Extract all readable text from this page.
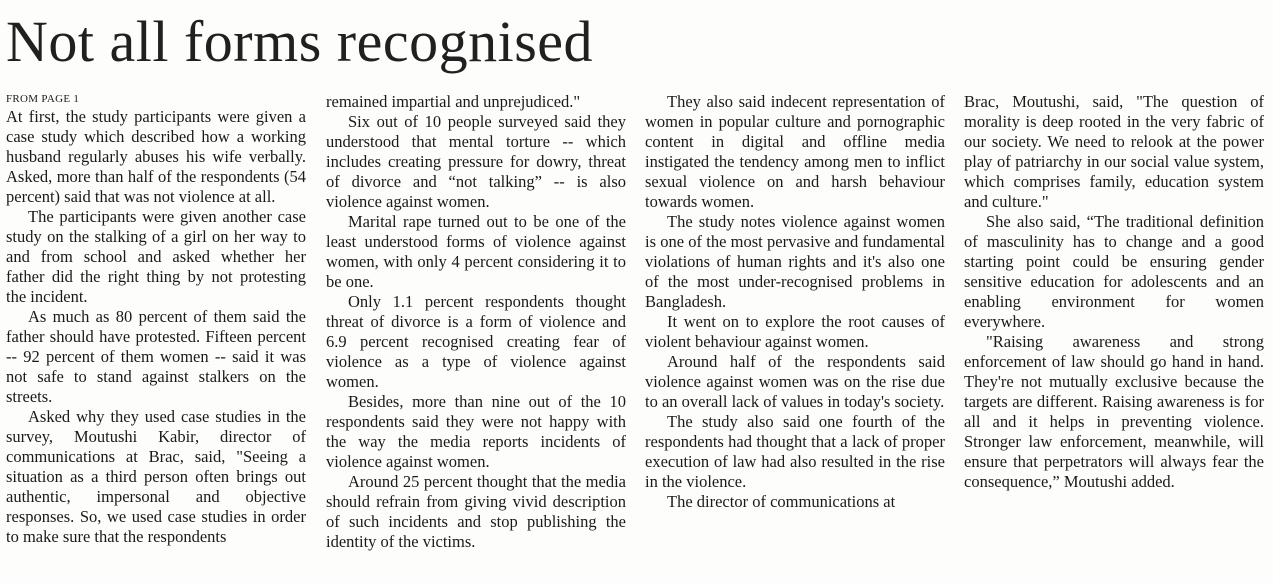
Not all forms recognised
FROM PAGE 1

At first, the study participants were given a case study which described how a working husband regularly abuses his wife verbally. Asked, more than half of the respondents (54 percent) said that was not violence at all.

The participants were given another case study on the stalking of a girl on her way to and from school and asked whether her father did the right thing by not protesting the incident.

As much as 80 percent of them said the father should have protested. Fifteen percent -- 92 percent of them women -- said it was not safe to stand against stalkers on the streets.

Asked why they used case studies in the survey, Moutushi Kabir, director of communications at Brac, said, "Seeing a situation as a third person often brings out authentic, impersonal and objective responses. So, we used case studies in order to make sure that the respondents

remained impartial and unprejudiced."

Six out of 10 people surveyed said they understood that mental torture -- which includes creating pressure for dowry, threat of divorce and “not talking” -- is also violence against women.

Marital rape turned out to be one of the least understood forms of violence against women, with only 4 percent considering it to be one.

Only 1.1 percent respondents thought threat of divorce is a form of violence and 6.9 percent recognised creating fear of violence as a type of violence against women.

Besides, more than nine out of the 10 respondents said they were not happy with the way the media reports incidents of violence against women.

Around 25 percent thought that the media should refrain from giving vivid description of such incidents and stop publishing the identity of the victims.

They also said indecent representation of women in popular culture and pornographic content in digital and offline media instigated the tendency among men to inflict sexual violence on and harsh behaviour towards women.

The study notes violence against women is one of the most pervasive and fundamental violations of human rights and it's also one of the most under-recognised problems in Bangladesh.

It went on to explore the root causes of violent behaviour against women.

Around half of the respondents said violence against women was on the rise due to an overall lack of values in today's society.

The study also said one fourth of the respondents had thought that a lack of proper execution of law had also resulted in the rise in the violence.

The director of communications at

Brac, Moutushi, said, "The question of morality is deep rooted in the very fabric of our society. We need to relook at the power play of patriarchy in our social value system, which comprises family, education system and culture."

She also said, “The traditional definition of masculinity has to change and a good starting point could be ensuring gender sensitive education for adolescents and an enabling environment for women everywhere.

"Raising awareness and strong enforcement of law should go hand in hand. They're not mutually exclusive because the targets are different. Raising awareness is for all and it helps in preventing violence. Stronger law enforcement, meanwhile, will ensure that perpetrators will always fear the consequence,” Moutushi added.
